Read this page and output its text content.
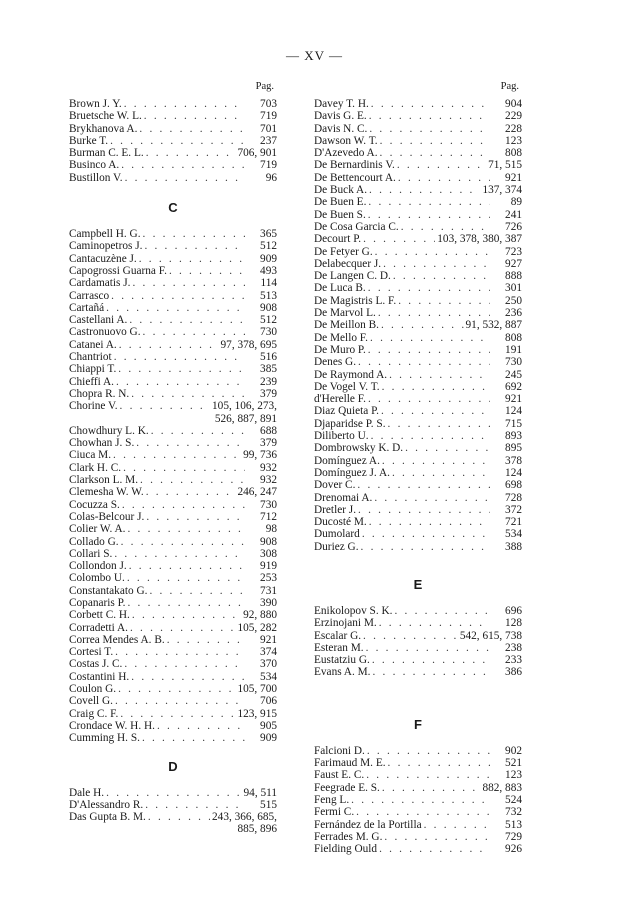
— XV —
Pag.
Brown J. Y. . . .	703
Bruetsche W. L. . . .	719
Brykhanova A. . . .	701
Burke T. . . .	237
Burman C. E. L. . . .	706, 901
Businco A. . . .	719
Bustillon V. . . .	96
C
Campbell H. G. . . .	365
Caminopetros J. . . .	512
Cantacuzène J. . . .	909
Capogrossi Guarna F. . . .	493
Cardamatis J. . . .	114
Carrasco . . .	513
Cartañá . . .	908
Castellani A. . . .	512
Castronuovo G. . . .	730
Catanei A. . . .	97, 378, 695
Chantriot . . .	516
Chiappi T. . . .	385
Chieffi A. . . .	239
Chopra R. N. . . .	379
Chorine V. . . .	105, 106, 273,
526, 887, 891
Chowdhury L. K. . . .	688
Chowhan J. S. . . .	379
Ciuca M. . . .	99, 736
Clark H. C. . . .	932
Clarkson L. M. . . .	932
Clemesha W. W. . . .	246, 247
Cocuzza S. . . .	730
Colas-Belcour J. . . .	712
Colier W. A. . . .	98
Collado G. . . .	908
Collari S. . . .	308
Collondon J. . . .	919
Colombo U. . . .	253
Constantakato G. . . .	731
Copanaris P. . . .	390
Corbett C. H. . . .	92, 880
Corradetti A. . . .	105, 282
Correa Mendes A. B. . . .	921
Cortesi T. . . .	374
Costas J. C. . . .	370
Costantini H. . . .	534
Coulon G. . . .	105, 700
Covell G. . . .	706
Craig C. F. . . .	123, 915
Crondace W. H. H. . . .	905
Cumming H. S. . . .	909
D
Dale H. . . .	94, 511
D'Alessandro R. . . .	515
Das Gupta B. M. . . .	243, 366, 685,
885, 896
Pag.
Davey T. H. . . .	904
Davis G. E. . . .	229
Davis N. C. . . .	228
Dawson W. T. . . .	123
D'Azevedo A. . . .	808
De Bernardinis V. . . .	71, 515
De Bettencourt A. . . .	921
De Buck A. . . .	137, 374
De Buen E. . . .	89
De Buen S. . . .	241
De Cosa Garcia C. . . .	726
Decourt P. . . .	103, 378, 380, 387
De Fetyer G. . . .	723
Delabecquer J. . . .	927
De Langen C. D. . . .	888
De Luca B. . . .	301
De Magistris L. F. . . .	250
De Marvol L. . . .	236
De Meillon B. . . .	91, 532, 887
De Mello F. . . .	808
De Muro P. . . .	191
Denes G. . . .	730
De Raymond A. . . .	245
De Vogel V. T. . . .	692
d'Herelle F. . . .	921
Diaz Quieta P. . . .	124
Djaparidse P. S. . . .	715
Diliberto U. . . .	893
Dombrowsky K. D. . . .	895
Domínguez A. . . .	378
Domínguez J. A. . . .	124
Dover C. . . .	698
Drenomai A. . . .	728
Dretler J. . . .	372
Ducosté M. . . .	721
Dumolard . . .	534
Duriez G. . . .	388
E
Enikolopov S. K. . . .	696
Erzinojani M. . . .	128
Escalar G. . . .	542, 615, 738
Esteran M. . . .	238
Eustatziu G. . . .	233
Evans A. M. . . .	386
F
Falcioni D. . . .	902
Farimaud M. E. . . .	521
Faust E. C. . . .	123
Feegrade E. S. . . .	882, 883
Feng L. . . .	524
Fermi C. . . .	732
Fernández de la Portilla . . .	513
Ferrades M. G. . . .	729
Fielding Ould . . .	926
